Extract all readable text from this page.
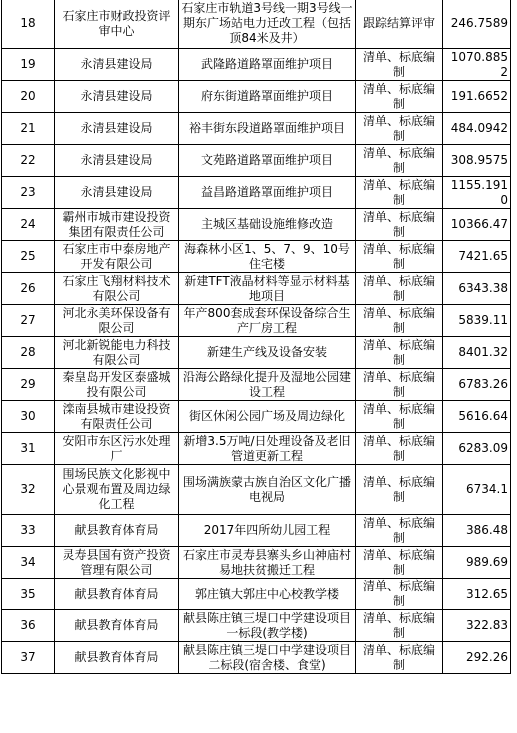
18	石家庄市财政投资评审中心	石家庄市轨道3号线一期3号线一期东广场站电力迁改工程（包括顶84米及井）	跟踪结算评审	246.7589
19	永清县建设局	武隆路道路罩面维护项目	清单、标底编制	1070.8852
20	永清县建设局	府东街道路罩面维护项目	清单、标底编制	191.6652
21	永清县建设局	裕丰街东段道路罩面维护项目	清单、标底编制	484.0942
22	永清县建设局	文苑路道路罩面维护项目	清单、标底编制	308.9575
23	永清县建设局	益昌路道路罩面维护项目	清单、标底编制	1155.1910
24	霸州市城市建设投资集团有限责任公司	主城区基础设施维修改造	清单、标底编制	10366.47
25	石家庄市中泰房地产开发有限公司	海森林小区1、5、7、9、10号住宅楼	清单、标底编制	7421.65
26	石家庄飞翔材料技术有限公司	新建TFT液晶材料等显示材料基地项目	清单、标底编制	6343.38
27	河北永美环保设备有限公司	年产800套成套环保设备综合生产厂房工程	清单、标底编制	5839.11
28	河北新锐能电力科技有限公司	新建生产线及设备安装	清单、标底编制	8401.32
29	秦皇岛开发区泰盛城投有限公司	沿海公路绿化提升及湿地公园建设工程	清单、标底编制	6783.26
30	滦南县城市建设投资有限责任公司	街区休闲公园广场及周边绿化	清单、标底编制	5616.64
31	安阳市东区污水处理厂	新增3.5万吨/日处理设备及老旧管道更新工程	清单、标底编制	6283.09
32	围场民族文化影视中心景观布置及周边绿化工程	围场满族蒙古族自治区文化广播电视局	清单、标底编制	6734.1
33	献县教育体育局	2017年四所幼儿园工程	清单、标底编制	386.48
34	灵寿县国有资产投资管理有限公司	石家庄市灵寿县寨头乡山神庙村易地扶贫搬迁工程	清单、标底编制	989.69
35	献县教育体育局	郭庄镇大郭庄中心校教学楼	清单、标底编制	312.65
36	献县教育体育局	献县陈庄镇三堤口中学建设项目一标段(教学楼)	清单、标底编制	322.83
37	献县教育体育局	献县陈庄镇三堤口中学建设项目二标段(宿舍楼、食堂)	清单、标底编制	292.26
